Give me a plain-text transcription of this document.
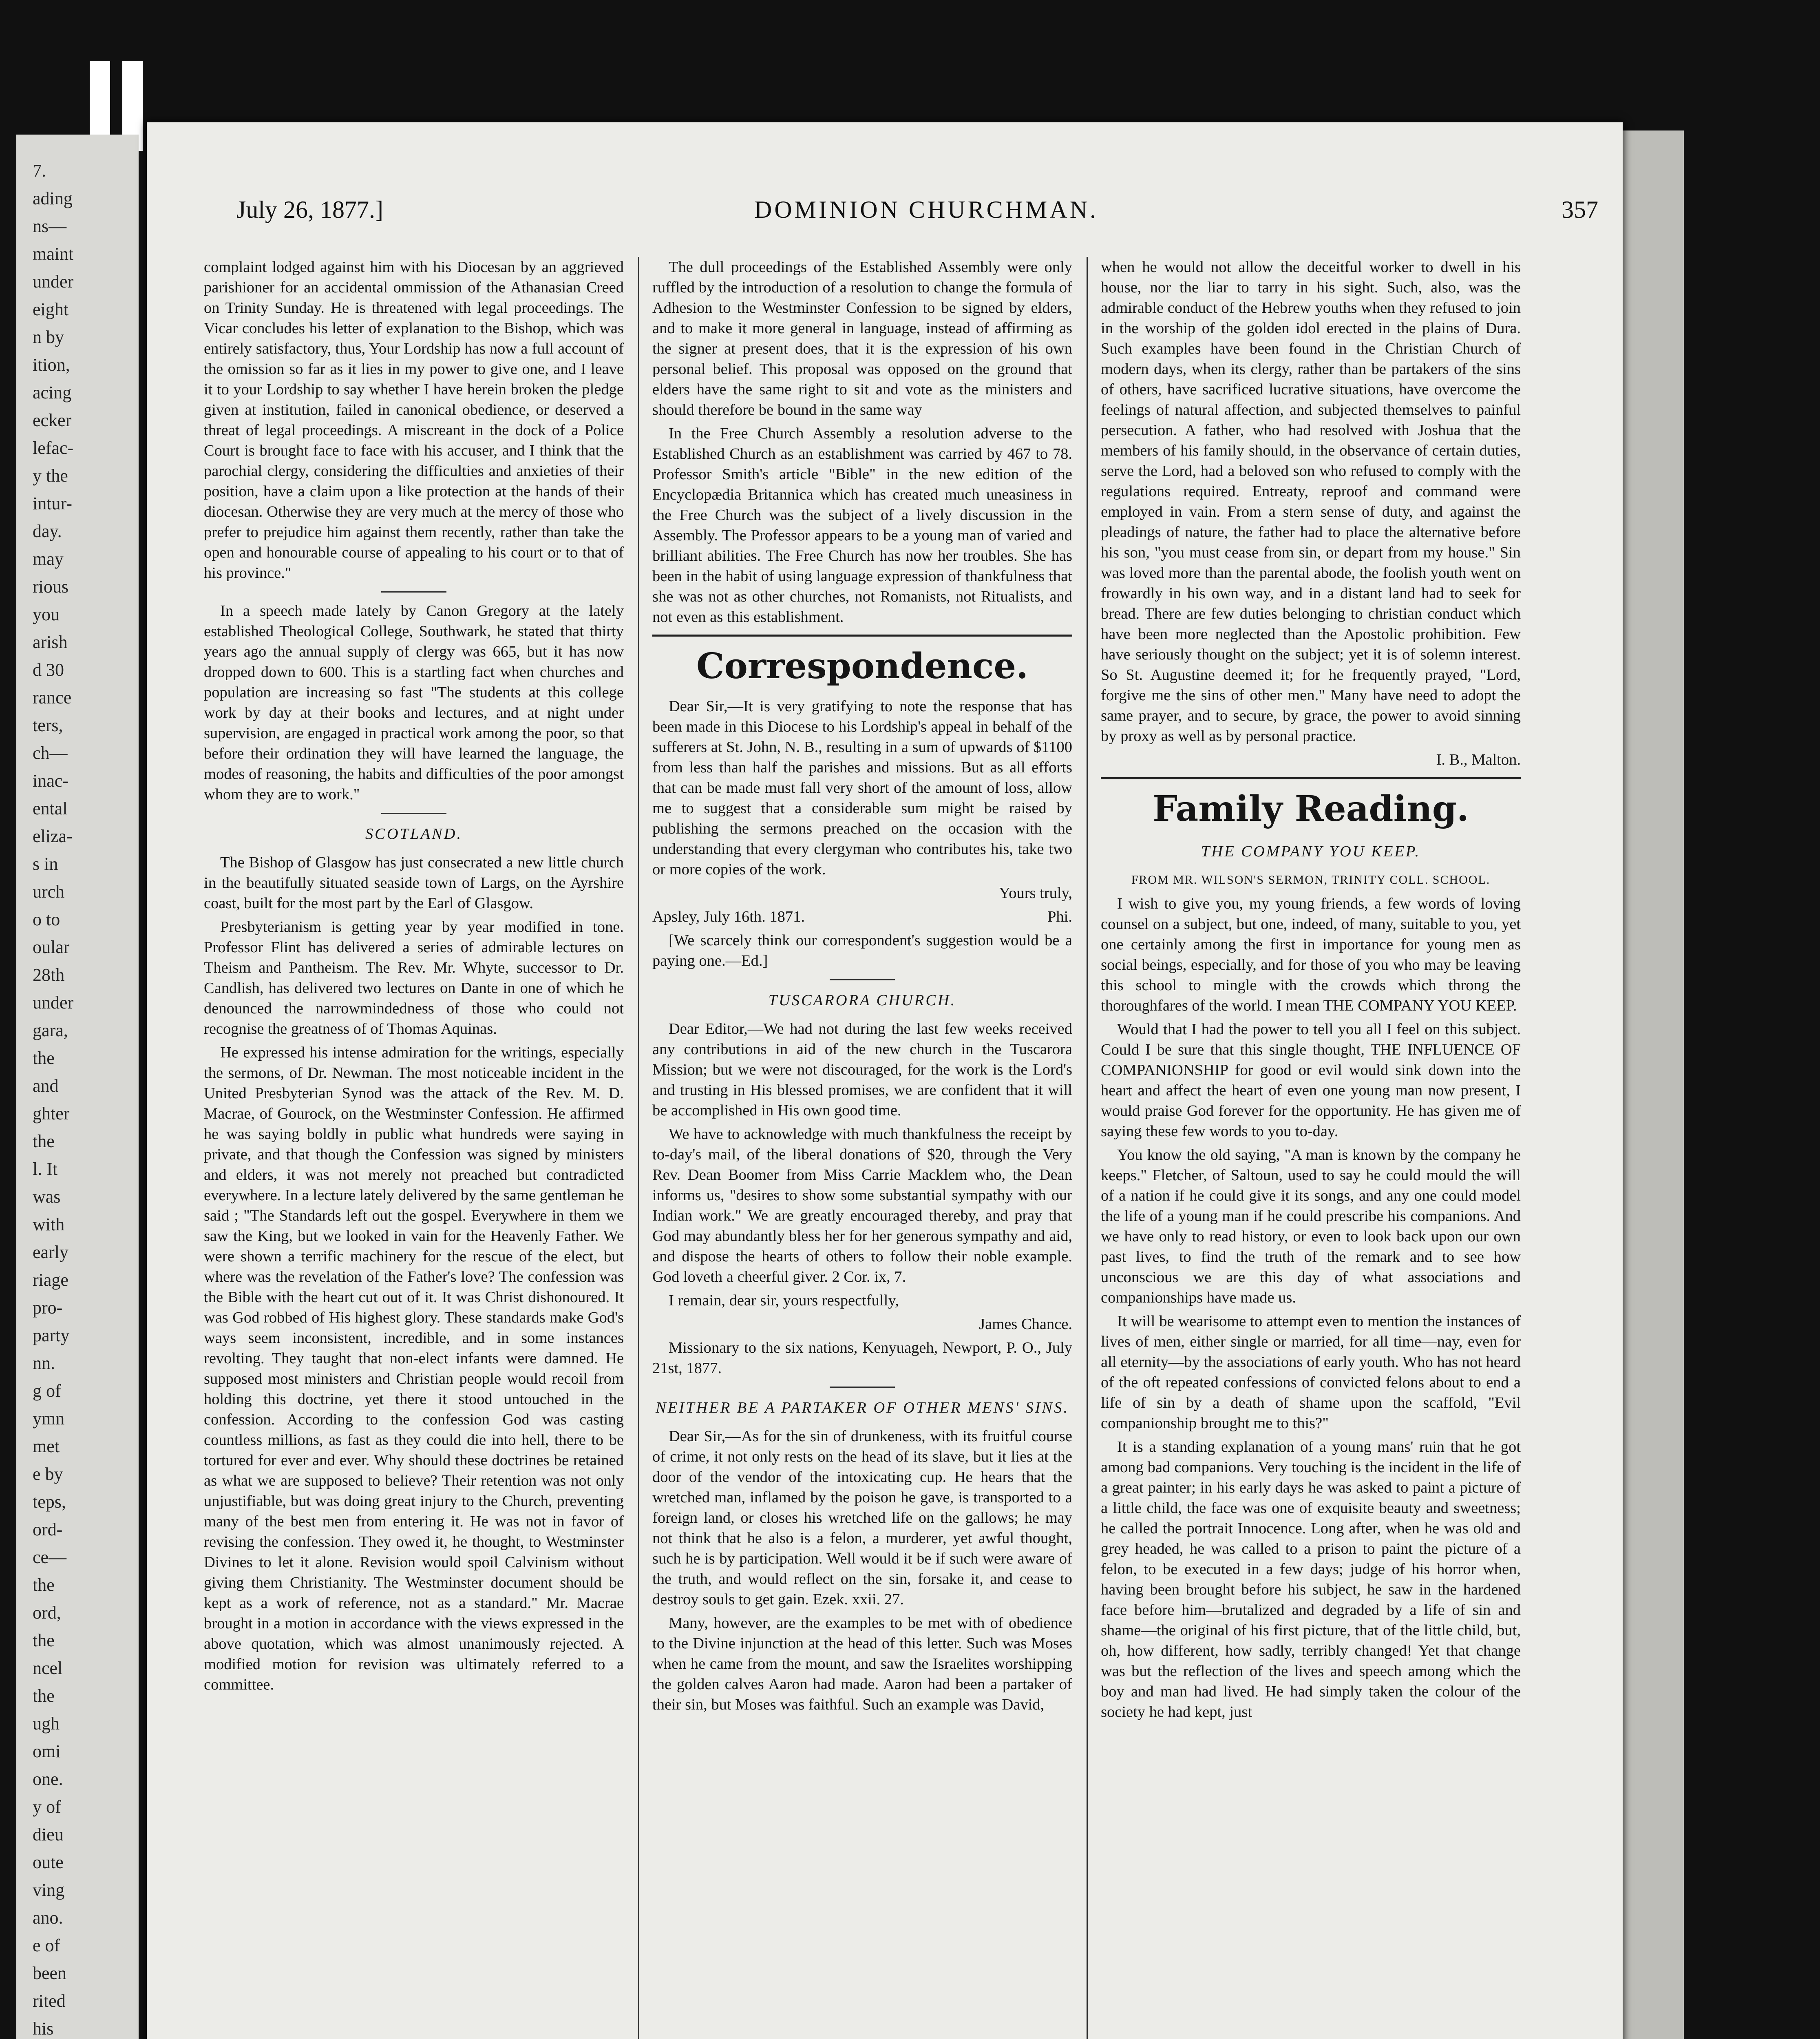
7.
ading
ns—
maint
under
eight
n by
ition,
acing
ecker
lefac-
y the
intur-
day.
may
rious
you
arish
d 30
rance
ters,
ch—
inac-
ental
eliza-
s in
urch
o to
oular
28th
under
gara,
the
and
ghter
the
l. It
was
with
early
riage
pro-
party
nn.
g of
ymn
met
e by
teps,
ord-
ce—
the
ord,
the
ncel
the
ugh
omi
one.
y of
dieu
oute
ving
ano.
e of
been
rited
his
July 26, 1877.]	DOMINION CHURCHMAN.	357

complaint lodged against him with his Diocesan by an aggrieved parishioner for an accidental ommission of the Athanasian Creed on Trinity Sunday. He is threatened with legal proceedings. The Vicar concludes his letter of explanation to the Bishop, which was entirely satisfactory, thus, Your Lordship has now a full account of the omission so far as it lies in my power to give one, and I leave it to your Lordship to say whether I have herein broken the pledge given at institution, failed in canonical obedience, or deserved a threat of legal proceedings. A miscreant in the dock of a Police Court is brought face to face with his accuser, and I think that the parochial clergy, considering the difficulties and anxieties of their position, have a claim upon a like protection at the hands of their diocesan. Otherwise they are very much at the mercy of those who prefer to prejudice him against them recently, rather than take the open and honourable course of appealing to his court or to that of his province."

In a speech made lately by Canon Gregory at the lately established Theological College, Southwark, he stated that thirty years ago the annual supply of clergy was 665, but it has now dropped down to 600. This is a startling fact when churches and population are increasing so fast "The students at this college work by day at their books and lectures, and at night under supervision, are engaged in practical work among the poor, so that before their ordination they will have learned the language, the modes of reasoning, the habits and difficulties of the poor amongst whom they are to work."

SCOTLAND.

The Bishop of Glasgow has just consecrated a new little church in the beautifully situated seaside town of Largs, on the Ayrshire coast, built for the most part by the Earl of Glasgow.

Presbyterianism is getting year by year modified in tone. Professor Flint has delivered a series of admirable lectures on Theism and Pantheism. The Rev. Mr. Whyte, successor to Dr. Candlish, has delivered two lectures on Dante in one of which he denounced the narrowmindedness of those who could not recognise the greatness of of Thomas Aquinas.

He expressed his intense admiration for the writings, especially the sermons, of Dr. Newman. The most noticeable incident in the United Presbyterian Synod was the attack of the Rev. M. D. Macrae, of Gourock, on the Westminster Confession. He affirmed he was saying boldly in public what hundreds were saying in private, and that though the Confession was signed by ministers and elders, it was not merely not preached but contradicted everywhere. In a lecture lately delivered by the same gentleman he said ; "The Standards left out the gospel. Everywhere in them we saw the King, but we looked in vain for the Heavenly Father. We were shown a terrific machinery for the rescue of the elect, but where was the revelation of the Father's love? The confession was the Bible with the heart cut out of it. It was Christ dishonoured. It was God robbed of His highest glory. These standards make God's ways seem inconsistent, incredible, and in some instances revolting. They taught that non-elect infants were damned. He supposed most ministers and Christian people would recoil from holding this doctrine, yet there it stood untouched in the confession. According to the confession God was casting countless millions, as fast as they could die into hell, there to be tortured for ever and ever. Why should these doctrines be retained as what we are supposed to believe? Their retention was not only unjustifiable, but was doing great injury to the Church, preventing many of the best men from entering it. He was not in favor of revising the confession. They owed it, he thought, to Westminster Divines to let it alone. Revision would spoil Calvinism without giving them Christianity. The Westminster document should be kept as a work of reference, not as a standard." Mr. Macrae brought in a motion in accordance with the views expressed in the above quotation, which was almost unanimously rejected. A modified motion for revision was ultimately referred to a committee.

The dull proceedings of the Established Assembly were only ruffled by the introduction of a resolution to change the formula of Adhesion to the Westminster Confession to be signed by elders, and to make it more general in language, instead of affirming as the signer at present does, that it is the expression of his own personal belief. This proposal was opposed on the ground that elders have the same right to sit and vote as the ministers and should therefore be bound in the same way

In the Free Church Assembly a resolution adverse to the Established Church as an establishment was carried by 467 to 78. Professor Smith's article "Bible" in the new edition of the Encyclopædia Britannica which has created much uneasiness in the Free Church was the subject of a lively discussion in the Assembly. The Professor appears to be a young man of varied and brilliant abilities. The Free Church has now her troubles. She has been in the habit of using language expression of thankfulness that she was not as other churches, not Romanists, not Ritualists, and not even as this establishment.

Correspondence.

Dear Sir,—It is very gratifying to note the response that has been made in this Diocese to his Lordship's appeal in behalf of the sufferers at St. John, N. B., resulting in a sum of upwards of $1100 from less than half the parishes and missions. But as all efforts that can be made must fall very short of the amount of loss, allow me to suggest that a considerable sum might be raised by publishing the sermons preached on the occasion with the understanding that every clergyman who contributes his, take two or more copies of the work.

Yours truly,

Apsley, July 16th. 1871.	Phi.

[We scarcely think our correspondent's suggestion would be a paying one.—Ed.]

TUSCARORA CHURCH.

Dear Editor,—We had not during the last few weeks received any contributions in aid of the new church in the Tuscarora Mission; but we were not discouraged, for the work is the Lord's and trusting in His blessed promises, we are confident that it will be accomplished in His own good time.

We have to acknowledge with much thankfulness the receipt by to-day's mail, of the liberal donations of $20, through the Very Rev. Dean Boomer from Miss Carrie Macklem who, the Dean informs us, "desires to show some substantial sympathy with our Indian work." We are greatly encouraged thereby, and pray that God may abundantly bless her for her generous sympathy and aid, and dispose the hearts of others to follow their noble example. God loveth a cheerful giver. 2 Cor. ix, 7.

I remain, dear sir, yours respectfully,

James Chance.

Missionary to the six nations, Kenyuageh, Newport, P. O., July 21st, 1877.

NEITHER BE A PARTAKER OF OTHER MENS' SINS.

Dear Sir,—As for the sin of drunkeness, with its fruitful course of crime, it not only rests on the head of its slave, but it lies at the door of the vendor of the intoxicating cup. He hears that the wretched man, inflamed by the poison he gave, is transported to a foreign land, or closes his wretched life on the gallows; he may not think that he also is a felon, a murderer, yet awful thought, such he is by participation. Well would it be if such were aware of the truth, and would reflect on the sin, forsake it, and cease to destroy souls to get gain. Ezek. xxii. 27.

Many, however, are the examples to be met with of obedience to the Divine injunction at the head of this letter. Such was Moses when he came from the mount, and saw the Israelites worshipping the golden calves Aaron had made. Aaron had been a partaker of their sin, but Moses was faithful. Such an example was David,

when he would not allow the deceitful worker to dwell in his house, nor the liar to tarry in his sight. Such, also, was the admirable conduct of the Hebrew youths when they refused to join in the worship of the golden idol erected in the plains of Dura. Such examples have been found in the Christian Church of modern days, when its clergy, rather than be partakers of the sins of others, have sacrificed lucrative situations, have overcome the feelings of natural affection, and subjected themselves to painful persecution. A father, who had resolved with Joshua that the members of his family should, in the observance of certain duties, serve the Lord, had a beloved son who refused to comply with the regulations required. Entreaty, reproof and command were employed in vain. From a stern sense of duty, and against the pleadings of nature, the father had to place the alternative before his son, "you must cease from sin, or depart from my house." Sin was loved more than the parental abode, the foolish youth went on frowardly in his own way, and in a distant land had to seek for bread. There are few duties belonging to christian conduct which have been more neglected than the Apostolic prohibition. Few have seriously thought on the subject; yet it is of solemn interest. So St. Augustine deemed it; for he frequently prayed, "Lord, forgive me the sins of other men." Many have need to adopt the same prayer, and to secure, by grace, the power to avoid sinning by proxy as well as by personal practice.

I. B., Malton.

Family Reading.

THE COMPANY YOU KEEP.

FROM MR. WILSON'S SERMON, TRINITY COLL. SCHOOL.

I wish to give you, my young friends, a few words of loving counsel on a subject, but one, indeed, of many, suitable to you, yet one certainly among the first in importance for young men as social beings, especially, and for those of you who may be leaving this school to mingle with the crowds which throng the thoroughfares of the world. I mean THE COMPANY YOU KEEP.

Would that I had the power to tell you all I feel on this subject. Could I be sure that this single thought, THE INFLUENCE OF COMPANIONSHIP for good or evil would sink down into the heart and affect the heart of even one young man now present, I would praise God forever for the opportunity. He has given me of saying these few words to you to-day.

You know the old saying, "A man is known by the company he keeps." Fletcher, of Saltoun, used to say he could mould the will of a nation if he could give it its songs, and any one could model the life of a young man if he could prescribe his companions. And we have only to read history, or even to look back upon our own past lives, to find the truth of the remark and to see how unconscious we are this day of what associations and companionships have made us.

It will be wearisome to attempt even to mention the instances of lives of men, either single or married, for all time—nay, even for all eternity—by the associations of early youth. Who has not heard of the oft repeated confessions of convicted felons about to end a life of sin by a death of shame upon the scaffold, "Evil companionship brought me to this?"

It is a standing explanation of a young mans' ruin that he got among bad companions. Very touching is the incident in the life of a great painter; in his early days he was asked to paint a picture of a little child, the face was one of exquisite beauty and sweetness; he called the portrait Innocence. Long after, when he was old and grey headed, he was called to a prison to paint the picture of a felon, to be executed in a few days; judge of his horror when, having been brought before his subject, he saw in the hardened face before him—brutalized and degraded by a life of sin and shame—the original of his first picture, that of the little child, but, oh, how different, how sadly, terribly changed! Yet that change was but the reflection of the lives and speech among which the boy and man had lived. He had simply taken the colour of the society he had kept, just
